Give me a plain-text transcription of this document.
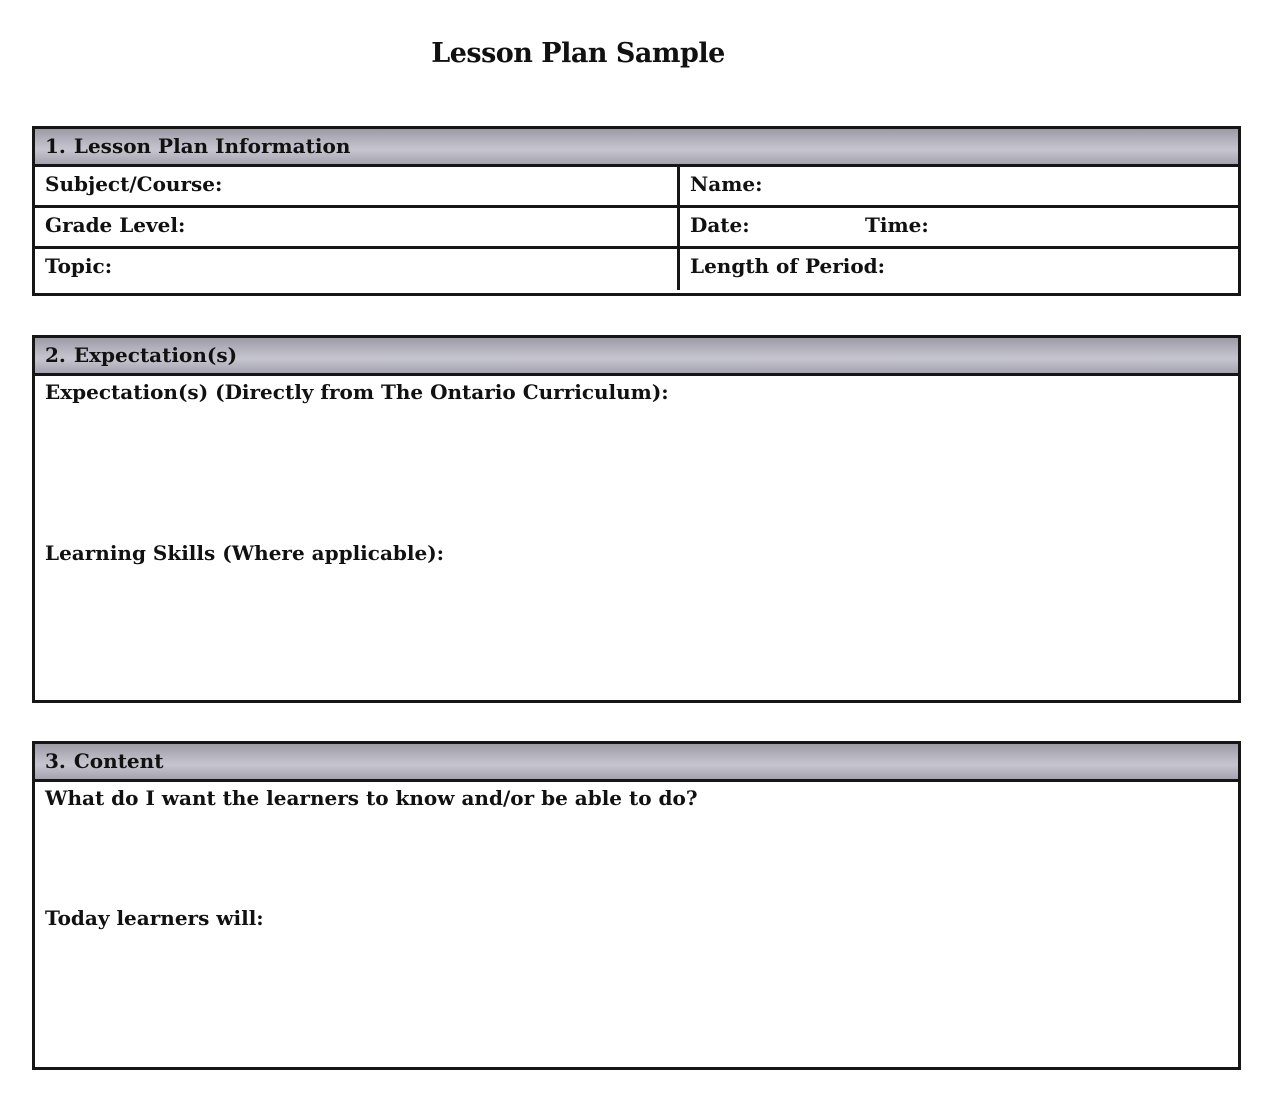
Lesson Plan Sample
1. Lesson Plan Information
Subject/Course:	Name:
Grade Level:	Date:	Time:
Topic:	Length of Period:
2. Expectation(s)
Expectation(s) (Directly from The Ontario Curriculum):
Learning Skills (Where applicable):
3. Content
What do I want the learners to know and/or be able to do?
Today learners will:
